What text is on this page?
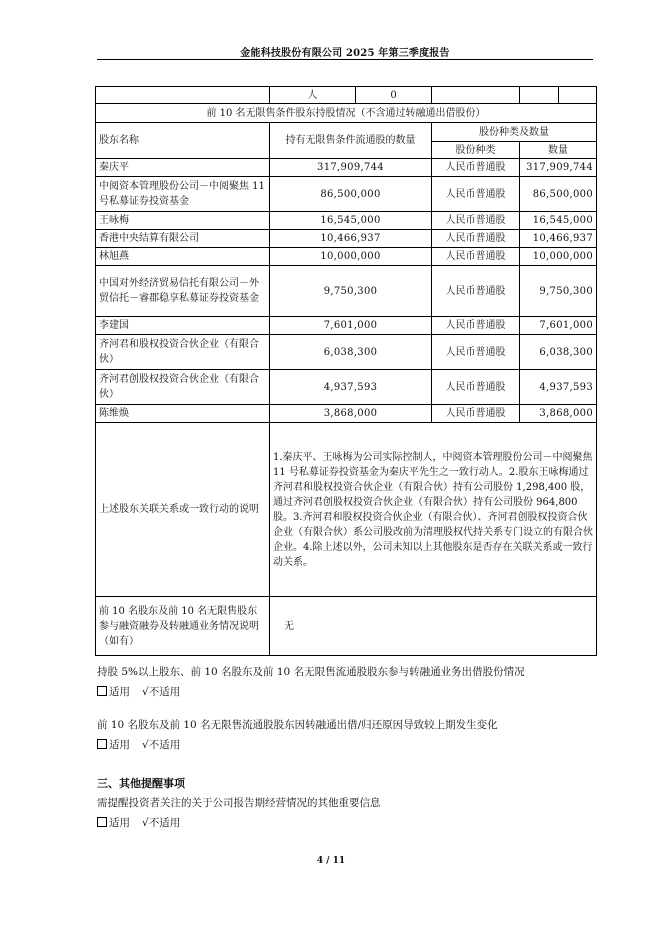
金能科技股份有限公司 2025 年第三季度报告
	人	0			
前 10 名无限售条件股东持股情况（不含通过转融通出借股份）					
股东名称	持有无限售条件流通股的数量		股份种类及数量		
			股份种类	数量	
秦庆平	317,909,744		人民币普通股	317,909,744	
中阅资本管理股份公司－中阅聚焦 11 号私募证券投资基金	86,500,000		人民币普通股	86,500,000	
王咏梅	16,545,000		人民币普通股	16,545,000	
香港中央结算有限公司	10,466,937		人民币普通股	10,466,937	
林旭燕	10,000,000		人民币普通股	10,000,000	
中国对外经济贸易信托有限公司－外贸信托－睿郡稳享私募证券投资基金	9,750,300		人民币普通股	9,750,300	
李建国	7,601,000		人民币普通股	7,601,000	
齐河君和股权投资合伙企业（有限合伙）	6,038,300		人民币普通股	6,038,300	
齐河君创股权投资合伙企业（有限合伙）	4,937,593		人民币普通股	4,937,593	
陈维焕	3,868,000		人民币普通股	3,868,000	
上述股东关联关系或一致行动的说明	1.秦庆平、王咏梅为公司实际控制人，中阅资本管理股份公司－中阅聚焦 11 号私募证券投资基金为秦庆平先生之一致行动人。2.股东王咏梅通过齐河君和股权投资合伙企业（有限合伙）持有公司股份 1,298,400 股，通过齐河君创股权投资合伙企业（有限合伙）持有公司股份 964,800 股。3.齐河君和股权投资合伙企业（有限合伙）、齐河君创股权投资合伙企业（有限合伙）系公司股改前为清理股权代持关系专门设立的有限合伙企业。4.除上述以外，公司未知以上其他股东是否存在关联关系或一致行动关系。				
前 10 名股东及前 10 名无限售股东参与融资融券及转融通业务情况说明（如有）	无				
持股 5%以上股东、前 10 名股东及前 10 名无限售流通股股东参与转融通业务出借股份情况
适用 √不适用
前 10 名股东及前 10 名无限售流通股股东因转融通出借/归还原因导致较上期发生变化
适用 √不适用
三、其他提醒事项
需提醒投资者关注的关于公司报告期经营情况的其他重要信息
适用 √不适用
4 / 11
